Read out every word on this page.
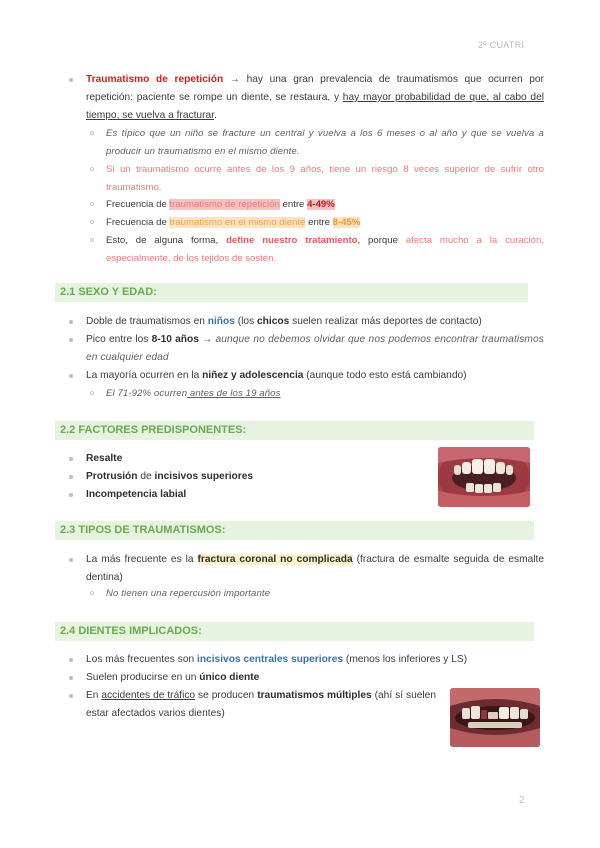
2º CUATRI

Traumatismo de repetición → hay una gran prevalencia de traumatismos que ocurren por repetición: paciente se rompe un diente, se restaura, y hay mayor probabilidad de que, al cabo del tiempo, se vuelva a fracturar.

Es típico que un niño se fracture un central y vuelva a los 6 meses o al año y que se vuelva a producir un traumatismo en el mismo diente.

Si un traumatismo ocurre antes de los 9 años, tiene un riesgo 8 veces superior de sufrir otro traumatismo.

Frecuencia de traumatismo de repetición entre 4-49%

Frecuencia de traumatismo en el mismo diente entre 8-45%

Esto, de alguna forma, define nuestro tratamiento, porque afecta mucho a la curación, especialmente, de los tejidos de sostén.

2.1 SEXO Y EDAD:

Doble de traumatismos en niños (los chicos suelen realizar más deportes de contacto)

Pico entre los 8-10 años → aunque no debemos olvidar que nos podemos encontrar traumatismos en cualquier edad

La mayoría ocurren en la niñez y adolescencia (aunque todo esto está cambiando)

El 71-92% ocurren antes de los 19 años

2.2 FACTORES PREDISPONENTES:

Resalte

Protrusión de incisivos superiores

Incompetencia labial

2.3 TIPOS DE TRAUMATISMOS:

La más frecuente es la fractura coronal no complicada (fractura de esmalte seguida de esmalte dentina)

No tienen una repercusión importante

2.4 DIENTES IMPLICADOS:

Los más frecuentes son incisivos centrales superiores (menos los inferiores y LS)

Suelen producirse en un único diente

En accidentes de tráfico se producen traumatismos múltiples (ahí sí suelen estar afectados varios dientes)

2
